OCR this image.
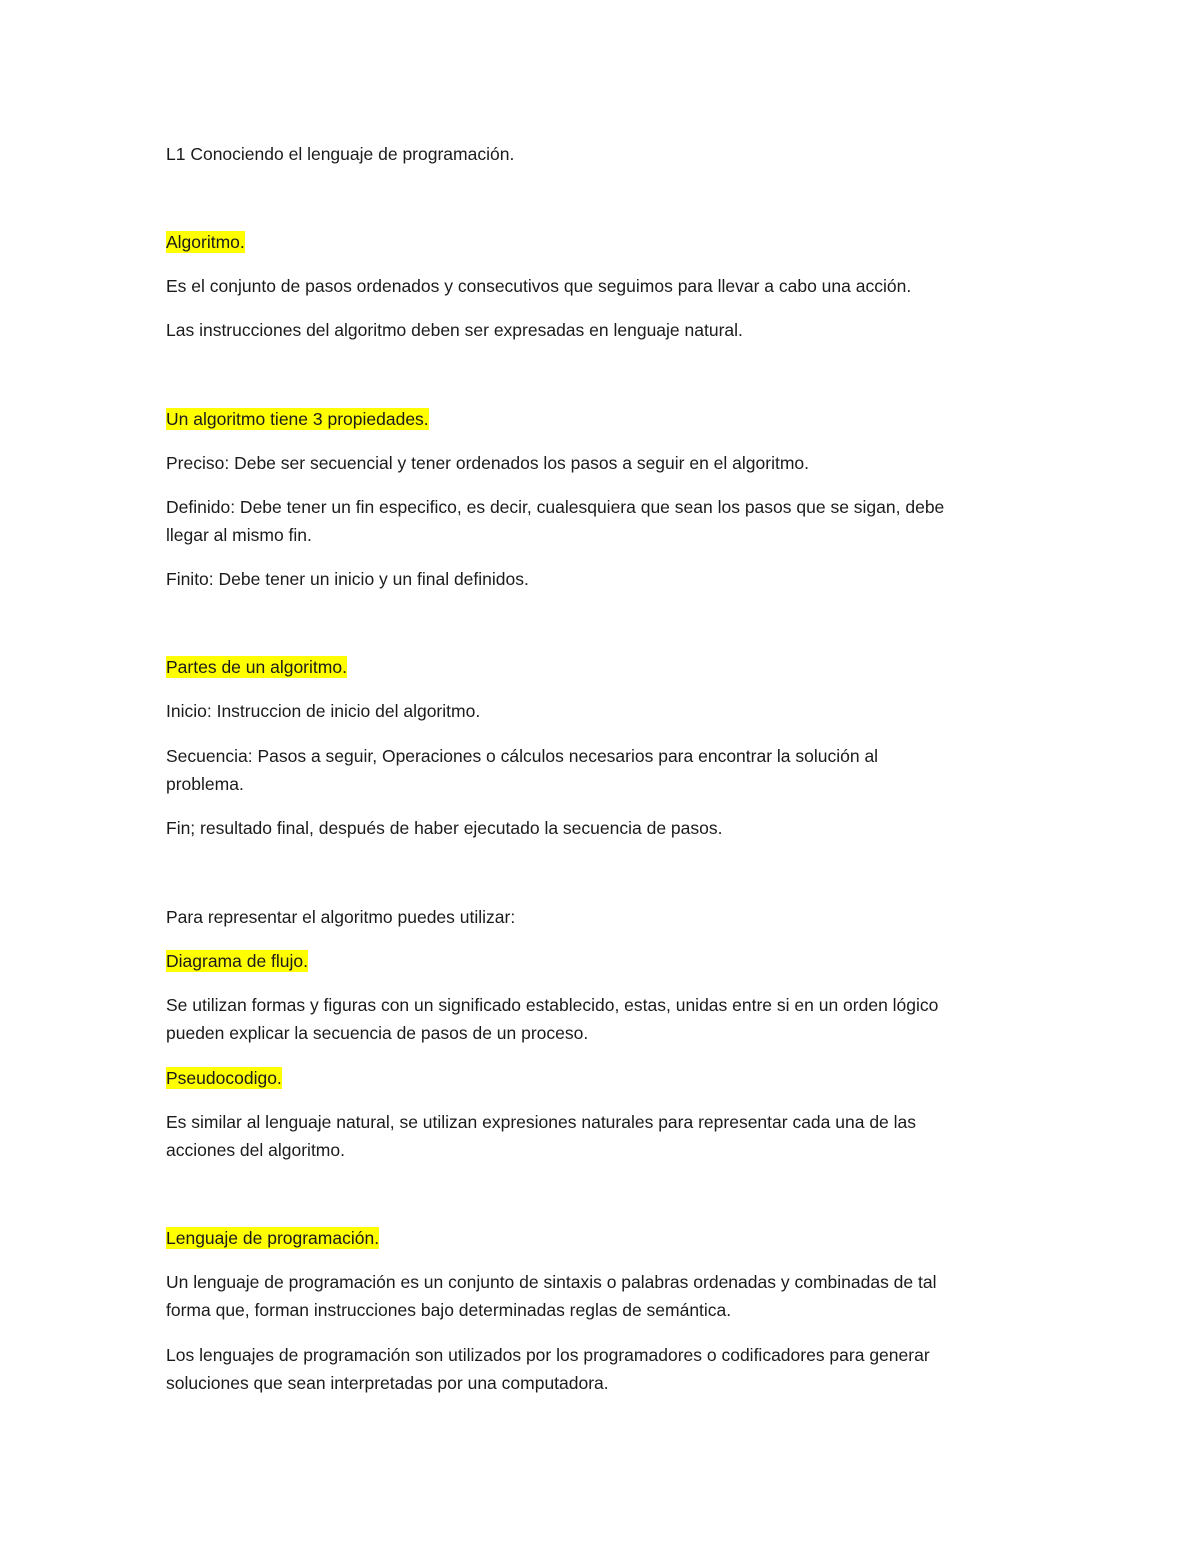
L1 Conociendo el lenguaje de programación.

Algoritmo.

Es el conjunto de pasos ordenados y consecutivos que seguimos para llevar a cabo una acción.

Las instrucciones del algoritmo deben ser expresadas en lenguaje natural.

Un algoritmo tiene 3 propiedades.

Preciso: Debe ser secuencial y tener ordenados los pasos a seguir en el algoritmo.

Definido: Debe tener un fin especifico, es decir, cualesquiera que sean los pasos que se sigan, debe

llegar al mismo fin.

Finito: Debe tener un inicio y un final definidos.

Partes de un algoritmo.

Inicio: Instruccion de inicio del algoritmo.

Secuencia: Pasos a seguir, Operaciones o cálculos necesarios para encontrar la solución al

problema.

Fin; resultado final, después de haber ejecutado la secuencia de pasos.

Para representar el algoritmo puedes utilizar:

Diagrama de flujo.

Se utilizan formas y figuras con un significado establecido, estas, unidas entre si en un orden lógico

pueden explicar la secuencia de pasos de un proceso.

Pseudocodigo.

Es similar al lenguaje natural, se utilizan expresiones naturales para representar cada una de las

acciones del algoritmo.

Lenguaje de programación.

Un lenguaje de programación es un conjunto de sintaxis o palabras ordenadas y combinadas de tal

forma que, forman instrucciones bajo determinadas reglas de semántica.

Los lenguajes de programación son utilizados por los programadores o codificadores para generar

soluciones que sean interpretadas por una computadora.
